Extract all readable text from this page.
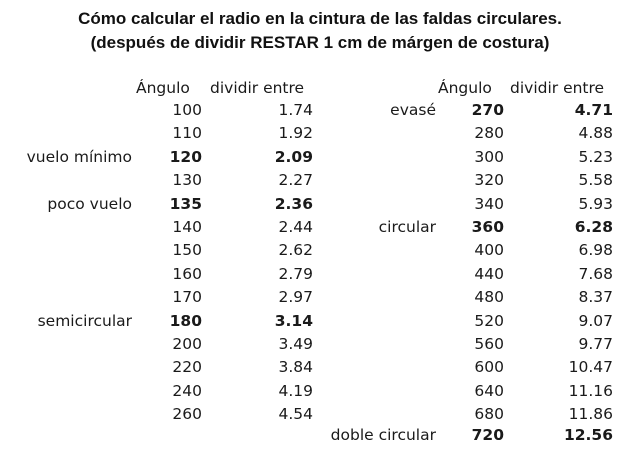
Cómo calcular el radio en la cintura de las faldas circulares.
(después de dividir RESTAR 1 cm de márgen de costura)
Ángulo dividir entre	Ángulo dividir entre
100	1.74
110	1.92
vuelo mínimo	120	2.09
130	2.27
poco vuelo	135	2.36
140	2.44
150	2.62
160	2.79
170	2.97
semicircular	180	3.14
200	3.49
220	3.84
240	4.19
260	4.54
evasé	270	4.71
280	4.88
300	5.23
320	5.58
340	5.93
circular	360	6.28
400	6.98
440	7.68
480	8.37
520	9.07
560	9.77
600	10.47
640	11.16
680	11.86
doble circular	720	12.56
